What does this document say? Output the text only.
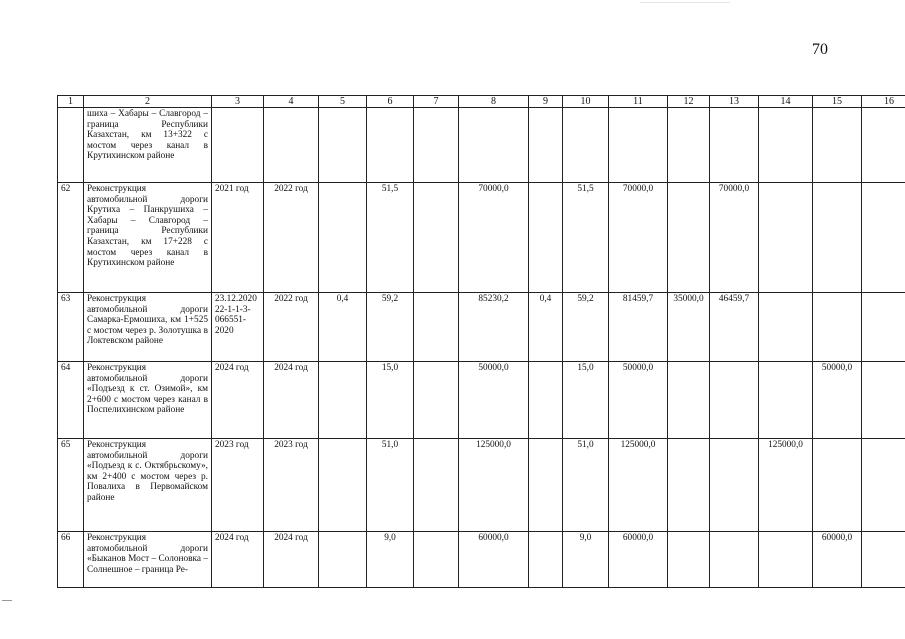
70
1	2	3	4	5	6	7	8	9	10	11	12	13	14	15	16
	шиха – Хабары – Славгород – граница Республики Казахстан, км 13+322 с мостом через канал в Крутихинском районе														
62	Реконструкция автомобильной дороги Крутиха – Панкрушиха – Хабары – Славгород – граница Республики Казахстан, км 17+228 с мостом через канал в Крутихинском районе	2021 год	2022 год		51,5		70000,0		51,5	70000,0		70000,0			
63	Реконструкция автомобильной дороги Самарка-Ермошиха, км 1+525 с мостом через р. Золотушка в Локтевском районе	23.12.2020 22-1-1-3-066551-2020	2022 год	0,4	59,2		85230,2	0,4	59,2	81459,7	35000,0	46459,7			
64	Реконструкция автомобильной дороги «Подъезд к ст. Озимой», км 2+600 с мостом через канал в Поспелихинском районе	2024 год	2024 год		15,0		50000,0		15,0	50000,0				50000,0	
65	Реконструкция автомобильной дороги «Подъезд к с. Октябрьскому», км 2+400 с мостом через р. Повалиха в Первомайском районе	2023 год	2023 год		51,0		125000,0		51,0	125000,0			125000,0		
66	Реконструкция автомобильной дороги «Быканов Мост – Солоновка – Солнешное – граница Ре-	2024 год	2024 год		9,0		60000,0		9,0	60000,0				60000,0	
